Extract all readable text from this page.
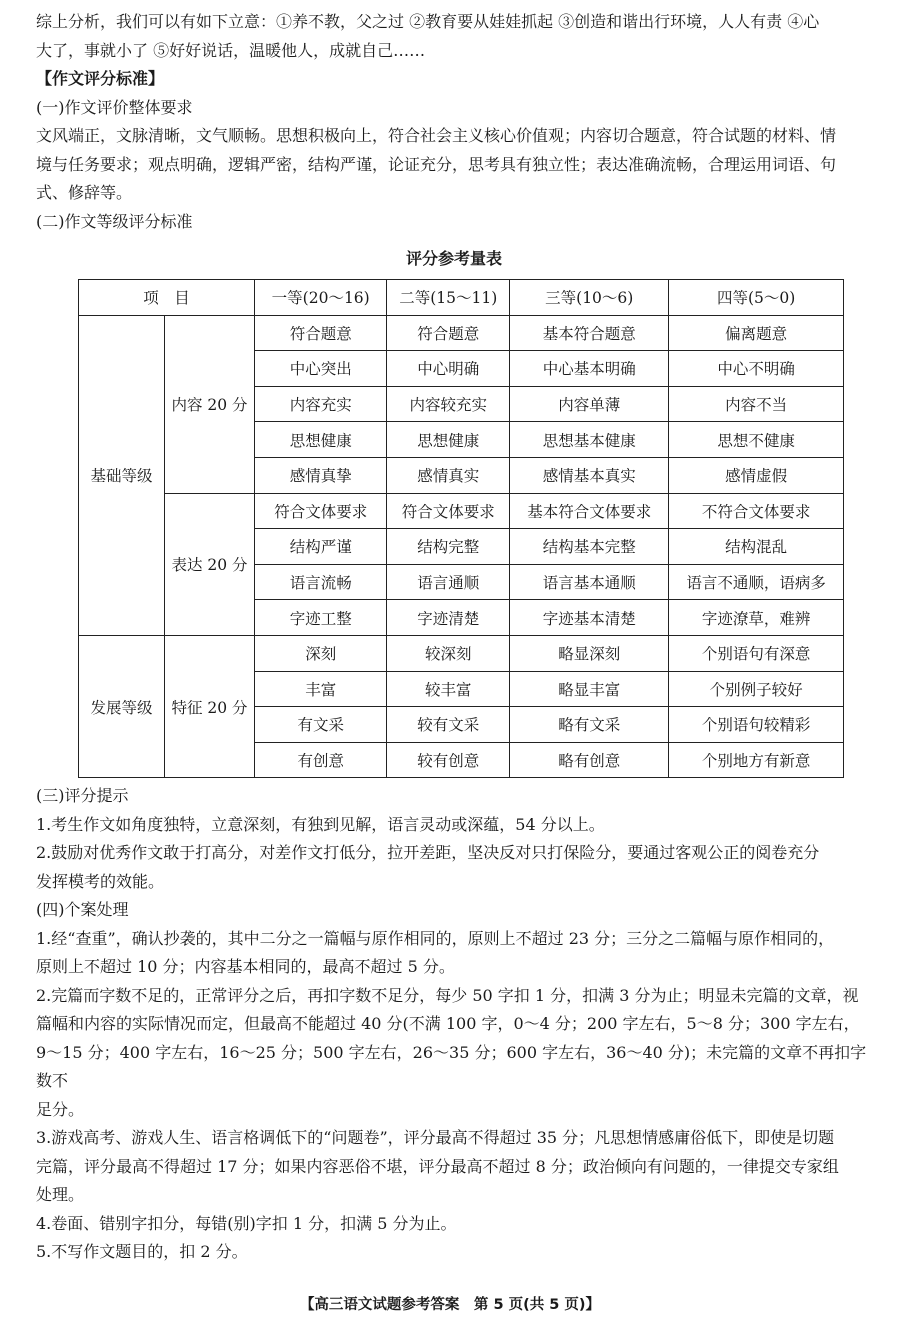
综上分析，我们可以有如下立意：①养不教，父之过 ②教育要从娃娃抓起 ③创造和谐出行环境，人人有责 ④心
大了，事就小了 ⑤好好说话，温暖他人，成就自己……
【作文评分标准】
(一)作文评价整体要求
文风端正，文脉清晰，文气顺畅。思想积极向上，符合社会主义核心价值观；内容切合题意，符合试题的材料、情
境与任务要求；观点明确，逻辑严密，结构严谨，论证充分，思考具有独立性；表达准确流畅，合理运用词语、句
式、修辞等。
(二)作文等级评分标准
评分参考量表
项　目		一等(20～16)	二等(15～11)	三等(10～6)	四等(5～0)
基础等级	内容 20 分	符合题意	符合题意	基本符合题意	偏离题意
		中心突出	中心明确	中心基本明确	中心不明确
		内容充实	内容较充实	内容单薄	内容不当
		思想健康	思想健康	思想基本健康	思想不健康
		感情真挚	感情真实	感情基本真实	感情虚假
	表达 20 分	符合文体要求	符合文体要求	基本符合文体要求	不符合文体要求
		结构严谨	结构完整	结构基本完整	结构混乱
		语言流畅	语言通顺	语言基本通顺	语言不通顺，语病多
		字迹工整	字迹清楚	字迹基本清楚	字迹潦草，难辨
发展等级	特征 20 分	深刻	较深刻	略显深刻	个别语句有深意
		丰富	较丰富	略显丰富	个别例子较好
		有文采	较有文采	略有文采	个别语句较精彩
		有创意	较有创意	略有创意	个别地方有新意
(三)评分提示
1.考生作文如角度独特，立意深刻，有独到见解，语言灵动或深蕴，54 分以上。
2.鼓励对优秀作文敢于打高分，对差作文打低分，拉开差距，坚决反对只打保险分，要通过客观公正的阅卷充分
发挥模考的效能。
(四)个案处理
1.经“查重”，确认抄袭的，其中二分之一篇幅与原作相同的，原则上不超过 23 分；三分之二篇幅与原作相同的，
原则上不超过 10 分；内容基本相同的，最高不超过 5 分。
2.完篇而字数不足的，正常评分之后，再扣字数不足分，每少 50 字扣 1 分，扣满 3 分为止；明显未完篇的文章，视
篇幅和内容的实际情况而定，但最高不能超过 40 分(不满 100 字，0～4 分；200 字左右，5～8 分；300 字左右，
9～15 分；400 字左右，16～25 分；500 字左右，26～35 分；600 字左右，36～40 分)；未完篇的文章不再扣字数不
足分。
3.游戏高考、游戏人生、语言格调低下的“问题卷”，评分最高不得超过 35 分；凡思想情感庸俗低下，即使是切题
完篇，评分最高不得超过 17 分；如果内容恶俗不堪，评分最高不超过 8 分；政治倾向有问题的，一律提交专家组
处理。
4.卷面、错别字扣分，每错(别)字扣 1 分，扣满 5 分为止。
5.不写作文题目的，扣 2 分。
【高三语文试题参考答案　第 5 页(共 5 页)】
